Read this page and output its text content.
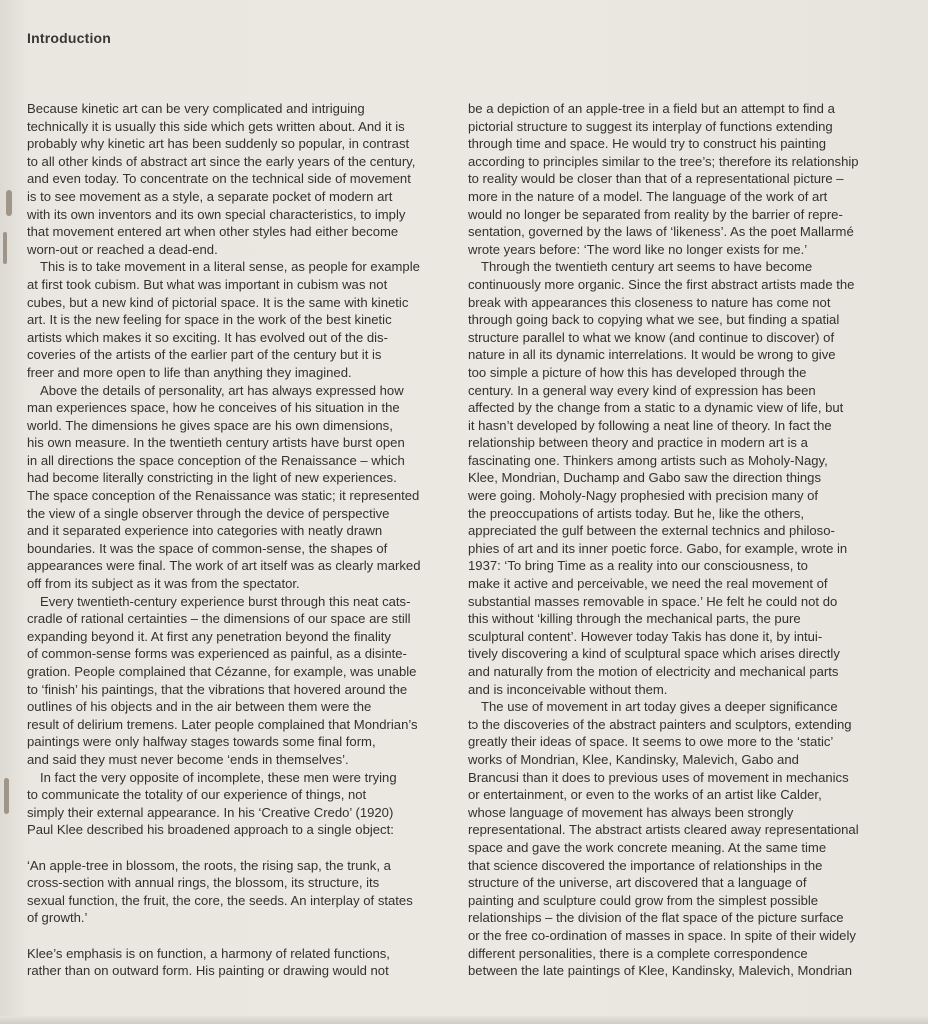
Introduction
Because kinetic art can be very complicated and intriguing
technically it is usually this side which gets written about. And it is
probably why kinetic art has been suddenly so popular, in contrast
to all other kinds of abstract art since the early years of the century,
and even today. To concentrate on the technical side of movement
is to see movement as a style, a separate pocket of modern art
with its own inventors and its own special characteristics, to imply
that movement entered art when other styles had either become
worn-out or reached a dead-end.
This is to take movement in a literal sense, as people for example
at first took cubism. But what was important in cubism was not
cubes, but a new kind of pictorial space. It is the same with kinetic
art. It is the new feeling for space in the work of the best kinetic
artists which makes it so exciting. It has evolved out of the dis-
coveries of the artists of the earlier part of the century but it is
freer and more open to life than anything they imagined.
Above the details of personality, art has always expressed how
man experiences space, how he conceives of his situation in the
world. The dimensions he gives space are his own dimensions,
his own measure. In the twentieth century artists have burst open
in all directions the space conception of the Renaissance – which
had become literally constricting in the light of new experiences.
The space conception of the Renaissance was static; it represented
the view of a single observer through the device of perspective
and it separated experience into categories with neatly drawn
boundaries. It was the space of common-sense, the shapes of
appearances were final. The work of art itself was as clearly marked
off from its subject as it was from the spectator.
Every twentieth-century experience burst through this neat cats-
cradle of rational certainties – the dimensions of our space are still
expanding beyond it. At first any penetration beyond the finality
of common-sense forms was experienced as painful, as a disinte-
gration. People complained that Cézanne, for example, was unable
to ‘finish’ his paintings, that the vibrations that hovered around the
outlines of his objects and in the air between them were the
result of delirium tremens. Later people complained that Mondrian’s
paintings were only halfway stages towards some final form,
and said they must never become ‘ends in themselves’.
In fact the very opposite of incomplete, these men were trying
to communicate the totality of our experience of things, not
simply their external appearance. In his ‘Creative Credo’ (1920)
Paul Klee described his broadened approach to a single object:

‘An apple-tree in blossom, the roots, the rising sap, the trunk, a
cross-section with annual rings, the blossom, its structure, its
sexual function, the fruit, the core, the seeds. An interplay of states
of growth.’

Klee’s emphasis is on function, a harmony of related functions,
rather than on outward form. His painting or drawing would not
be a depiction of an apple-tree in a field but an attempt to find a
pictorial structure to suggest its interplay of functions extending
through time and space. He would try to construct his painting
according to principles similar to the tree’s; therefore its relationship
to reality would be closer than that of a representational picture –
more in the nature of a model. The language of the work of art
would no longer be separated from reality by the barrier of repre-
sentation, governed by the laws of ‘likeness’. As the poet Mallarmé
wrote years before: ‘The word like no longer exists for me.’
Through the twentieth century art seems to have become
continuously more organic. Since the first abstract artists made the
break with appearances this closeness to nature has come not
through going back to copying what we see, but finding a spatial
structure parallel to what we know (and continue to discover) of
nature in all its dynamic interrelations. It would be wrong to give
too simple a picture of how this has developed through the
century. In a general way every kind of expression has been
affected by the change from a static to a dynamic view of life, but
it hasn’t developed by following a neat line of theory. In fact the
relationship between theory and practice in modern art is a
fascinating one. Thinkers among artists such as Moholy-Nagy,
Klee, Mondrian, Duchamp and Gabo saw the direction things
were going. Moholy-Nagy prophesied with precision many of
the preoccupations of artists today. But he, like the others,
appreciated the gulf between the external technics and philoso-
phies of art and its inner poetic force. Gabo, for example, wrote in
1937: ‘To bring Time as a reality into our consciousness, to
make it active and perceivable, we need the real movement of
substantial masses removable in space.’ He felt he could not do
this without ‘killing through the mechanical parts, the pure
sculptural content’. However today Takis has done it, by intui-
tively discovering a kind of sculptural space which arises directly
and naturally from the motion of electricity and mechanical parts
and is inconceivable without them.
The use of movement in art today gives a deeper significance
tↄ the discoveries of the abstract painters and sculptors, extending
greatly their ideas of space. It seems to owe more to the ‘static’
works of Mondrian, Klee, Kandinsky, Malevich, Gabo and
Brancusi than it does to previous uses of movement in mechanics
or entertainment, or even to the works of an artist like Calder,
whose language of movement has always been strongly
representational. The abstract artists cleared away representational
space and gave the work concrete meaning. At the same time
that science discovered the importance of relationships in the
structure of the universe, art discovered that a language of
painting and sculpture could grow from the simplest possible
relationships – the division of the flat space of the picture surface
or the free co-ordination of masses in space. In spite of their widely
different personalities, there is a complete correspondence
between the late paintings of Klee, Kandinsky, Malevich, Mondrian
